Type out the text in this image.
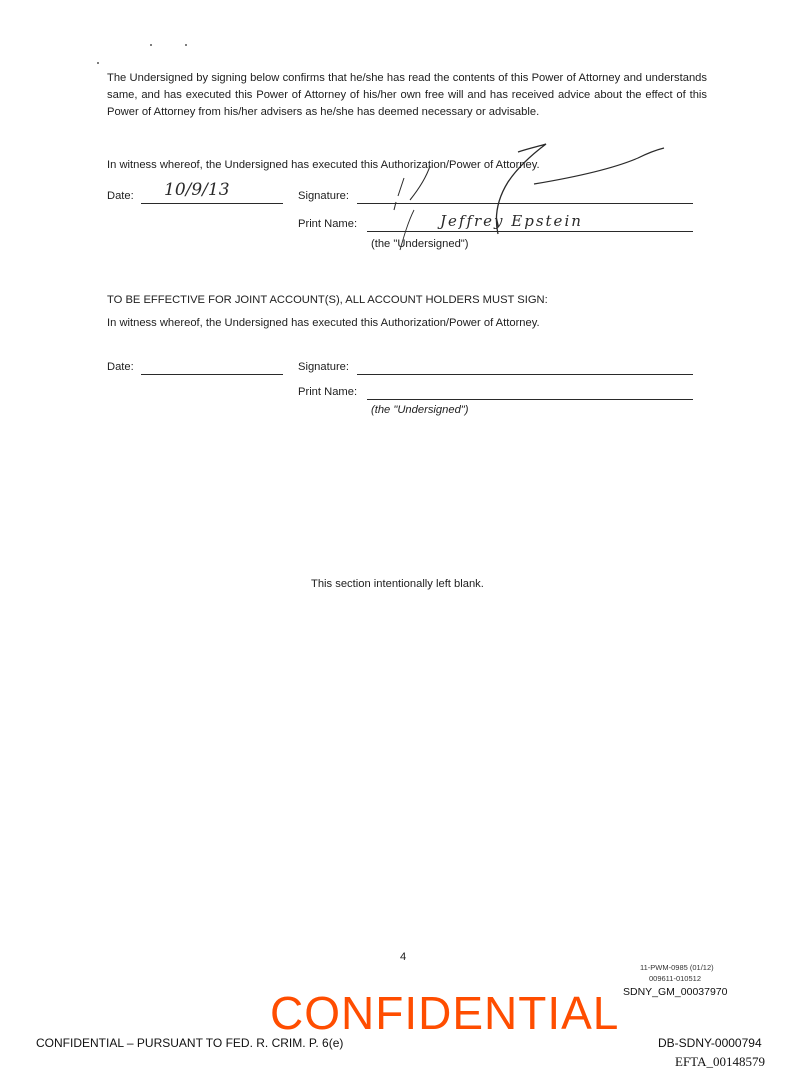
The Undersigned by signing below confirms that he/she has read the contents of this Power of Attorney and understands same, and has executed this Power of Attorney of his/her own free will and has received advice about the effect of this Power of Attorney from his/her advisers as he/she has deemed necessary or advisable.
In witness whereof, the Undersigned has executed this Authorization/Power of Attorney.
Date: 10/9/13	Signature:
Print Name:	Jeffrey Epstein
(the "Undersigned")
TO BE EFFECTIVE FOR JOINT ACCOUNT(S), ALL ACCOUNT HOLDERS MUST SIGN:
In witness whereof, the Undersigned has executed this Authorization/Power of Attorney.
Date:	Signature:
Print Name:
(the "Undersigned")
This section intentionally left blank.
4
11-PWM-0985 (01/12)
009611-010512
SDNY_GM_00037970
CONFIDENTIAL
CONFIDENTIAL – PURSUANT TO FED. R. CRIM. P. 6(e)	DB-SDNY-0000794
EFTA_00148579
